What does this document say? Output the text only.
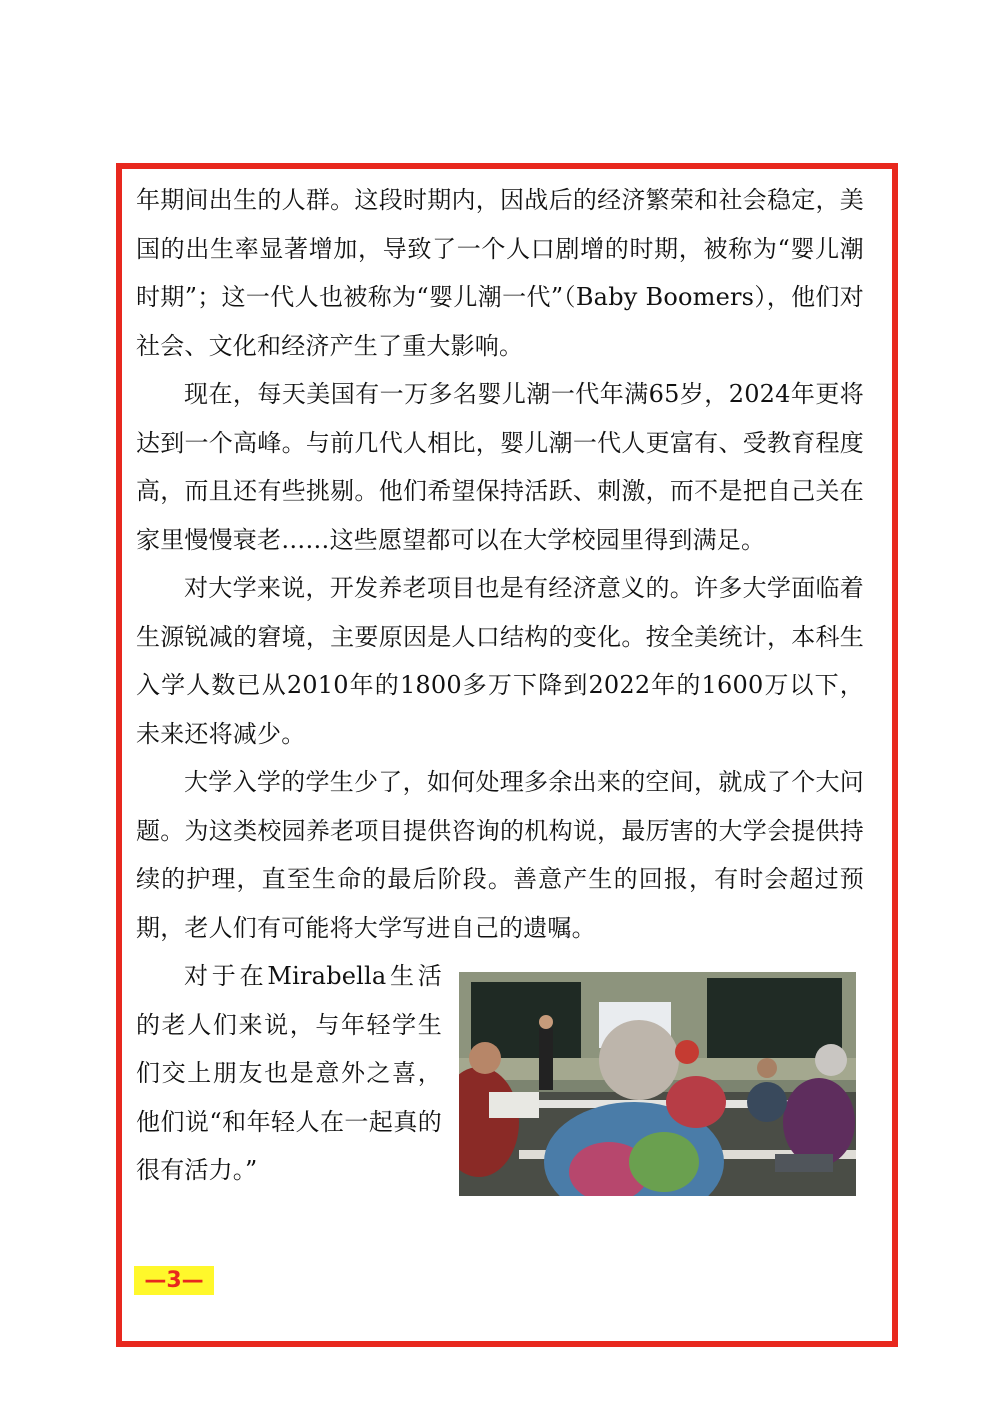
年期间出生的人群。这段时期内，因战后的经济繁荣和社会稳定，美国的出生率显著增加，导致了一个人口剧增的时期，被称为“婴儿潮时期”；这一代人也被称为“婴儿潮一代”（Baby Boomers），他们对社会、文化和经济产生了重大影响。

现在，每天美国有一万多名婴儿潮一代年满65岁，2024年更将达到一个高峰。与前几代人相比，婴儿潮一代人更富有、受教育程度高，而且还有些挑剔。他们希望保持活跃、刺激，而不是把自己关在家里慢慢衰老……这些愿望都可以在大学校园里得到满足。

对大学来说，开发养老项目也是有经济意义的。许多大学面临着生源锐减的窘境，主要原因是人口结构的变化。按全美统计，本科生入学人数已从2010年的1800多万下降到2022年的1600万以下，未来还将减少。

大学入学的学生少了，如何处理多余出来的空间，就成了个大问题。为这类校园养老项目提供咨询的机构说，最厉害的大学会提供持续的护理，直至生命的最后阶段。善意产生的回报，有时会超过预期，老人们有可能将大学写进自己的遗嘱。

对于在Mirabella生活的老人们来说，与年轻学生们交上朋友也是意外之喜，他们说“和年轻人在一起真的很有活力。”

—3—
